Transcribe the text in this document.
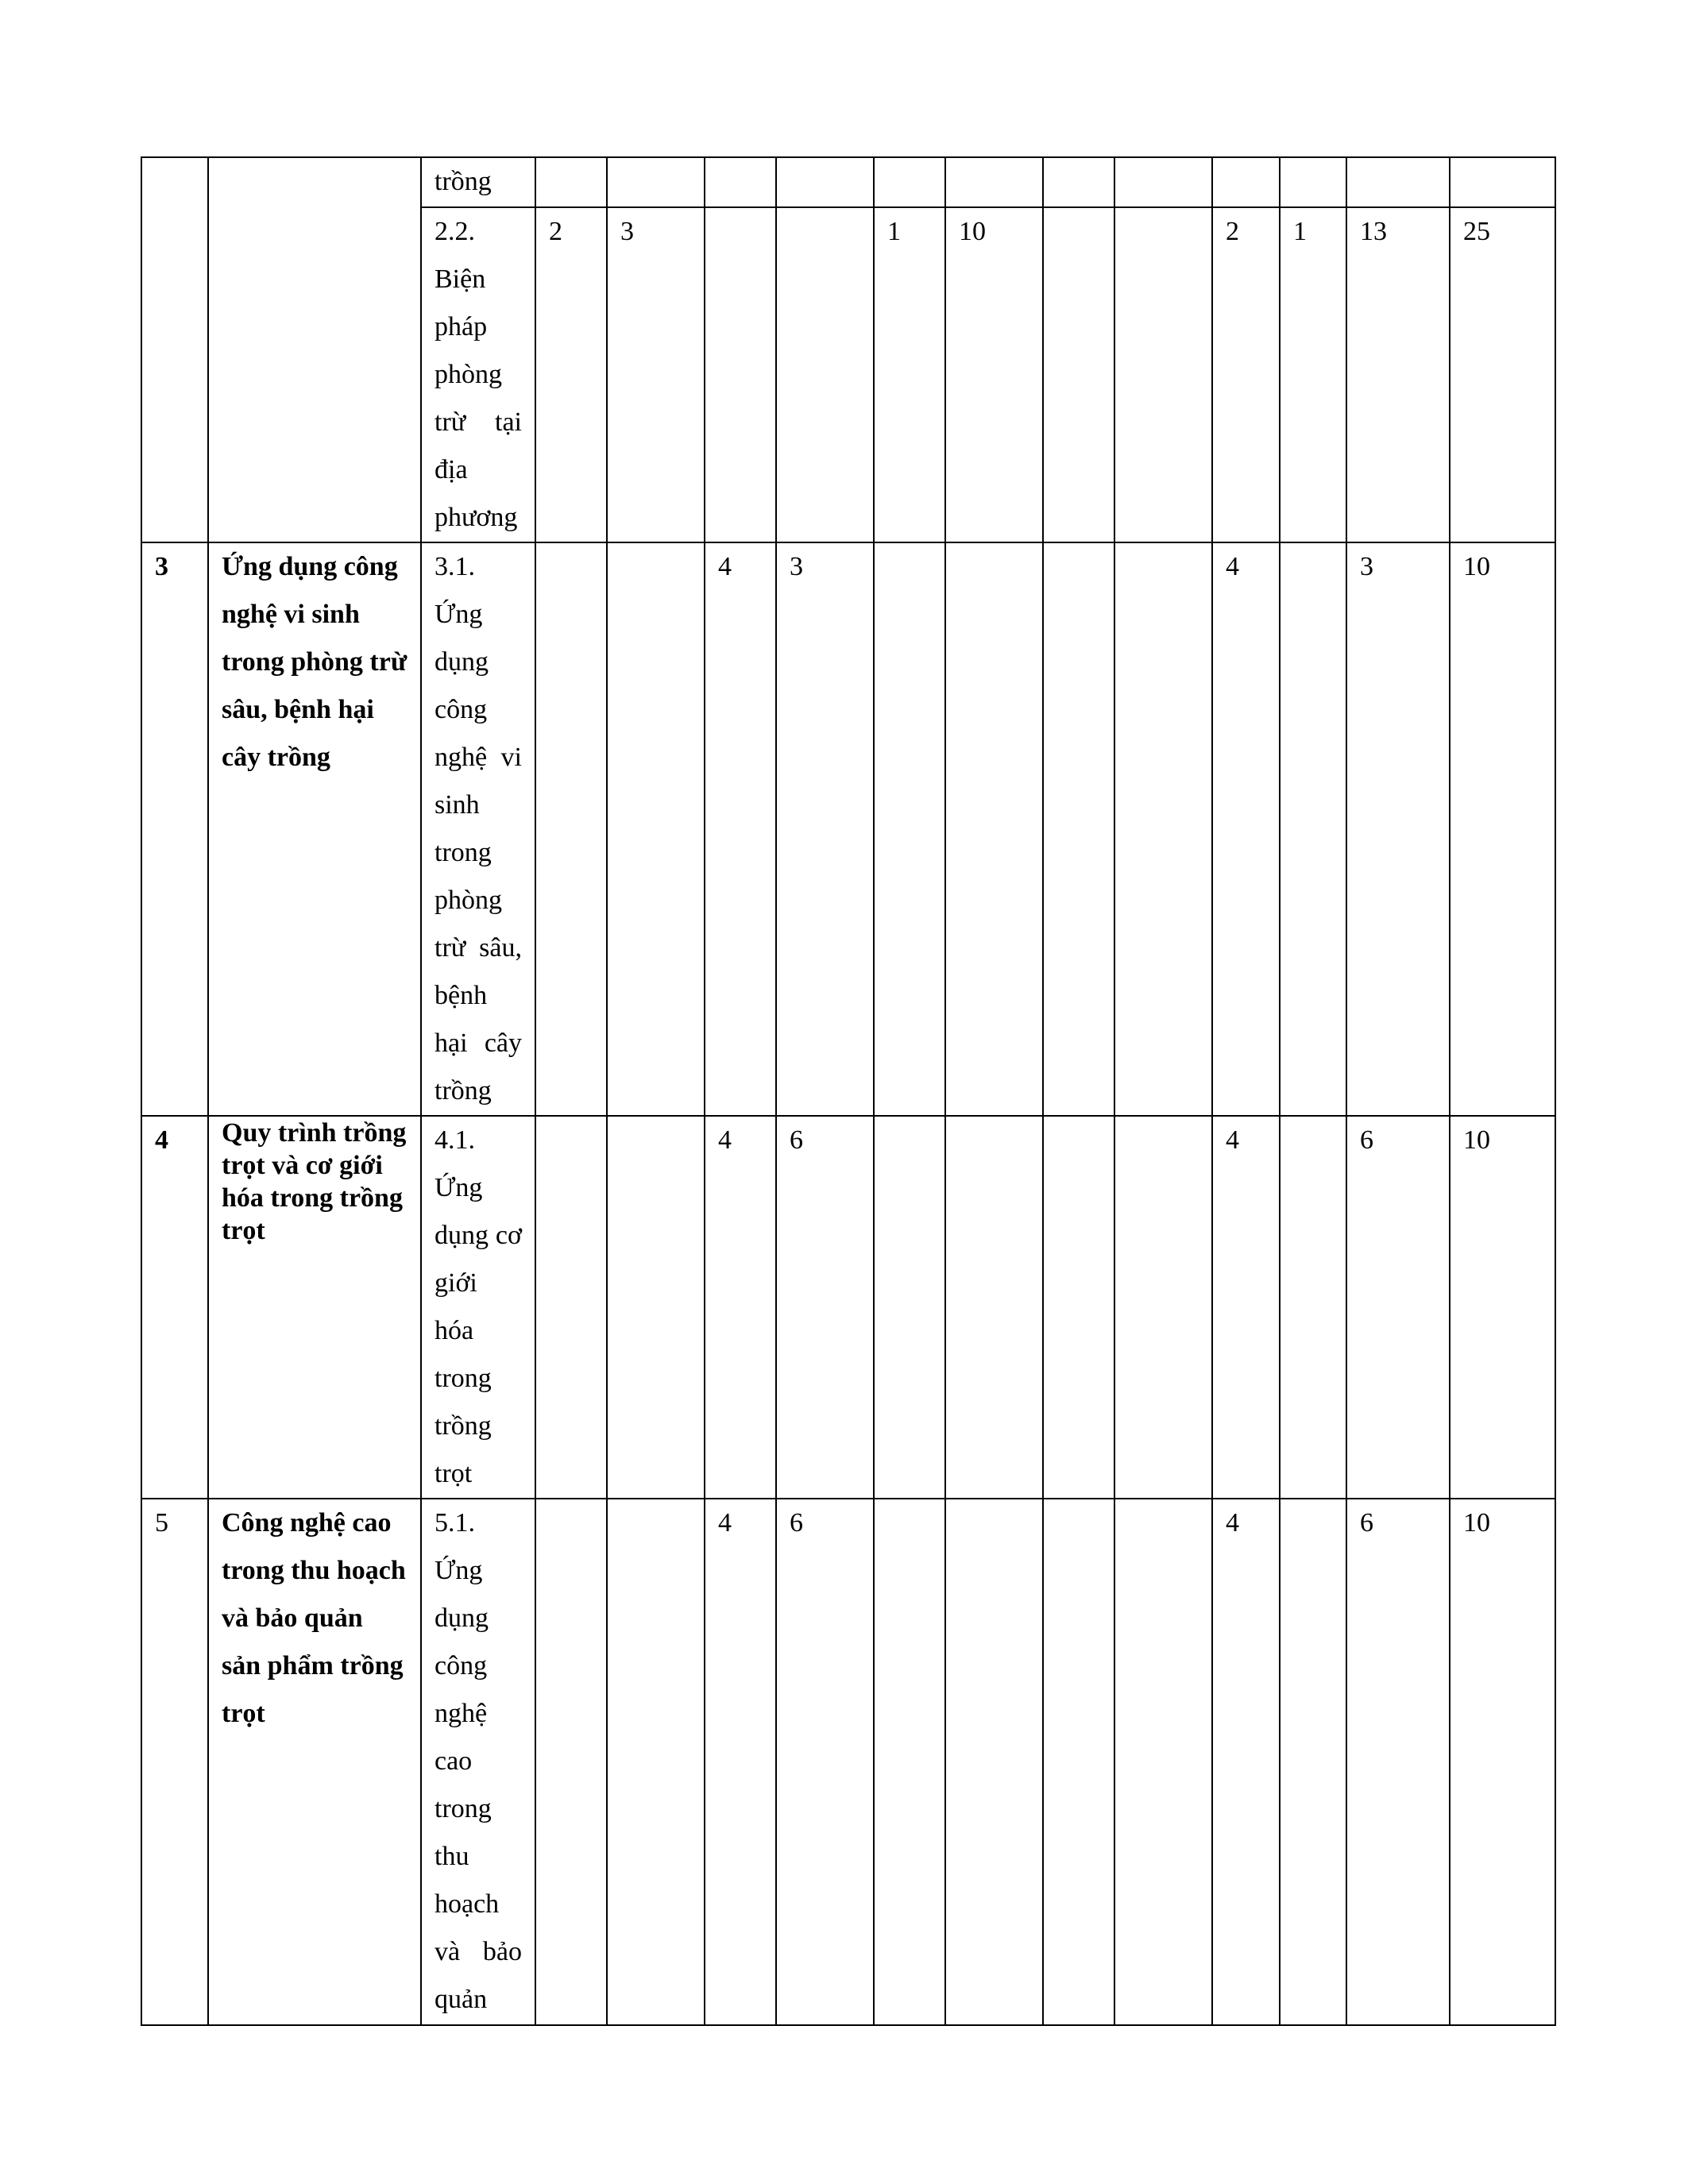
		trồng												
		2.2. Biện pháp phòng trừ tại địa phương	2	3			1	10			2	1	13	25
3	Ứng dụng công nghệ vi sinh trong phòng trừ sâu, bệnh hại cây trồng	3.1. Ứng dụng công nghệ vi sinh trong phòng trừ sâu, bệnh hại cây trồng			4	3					4		3	10
4	Quy trình trồng trọt và cơ giới hóa trong trồng trọt	4.1. Ứng dụng cơ giới hóa trong trồng trọt			4	6					4		6	10
5	Công nghệ cao trong thu hoạch và bảo quản sản phẩm trồng trọt	5.1. Ứng dụng công nghệ cao trong thu hoạch và bảo quản			4	6					4		6	10
